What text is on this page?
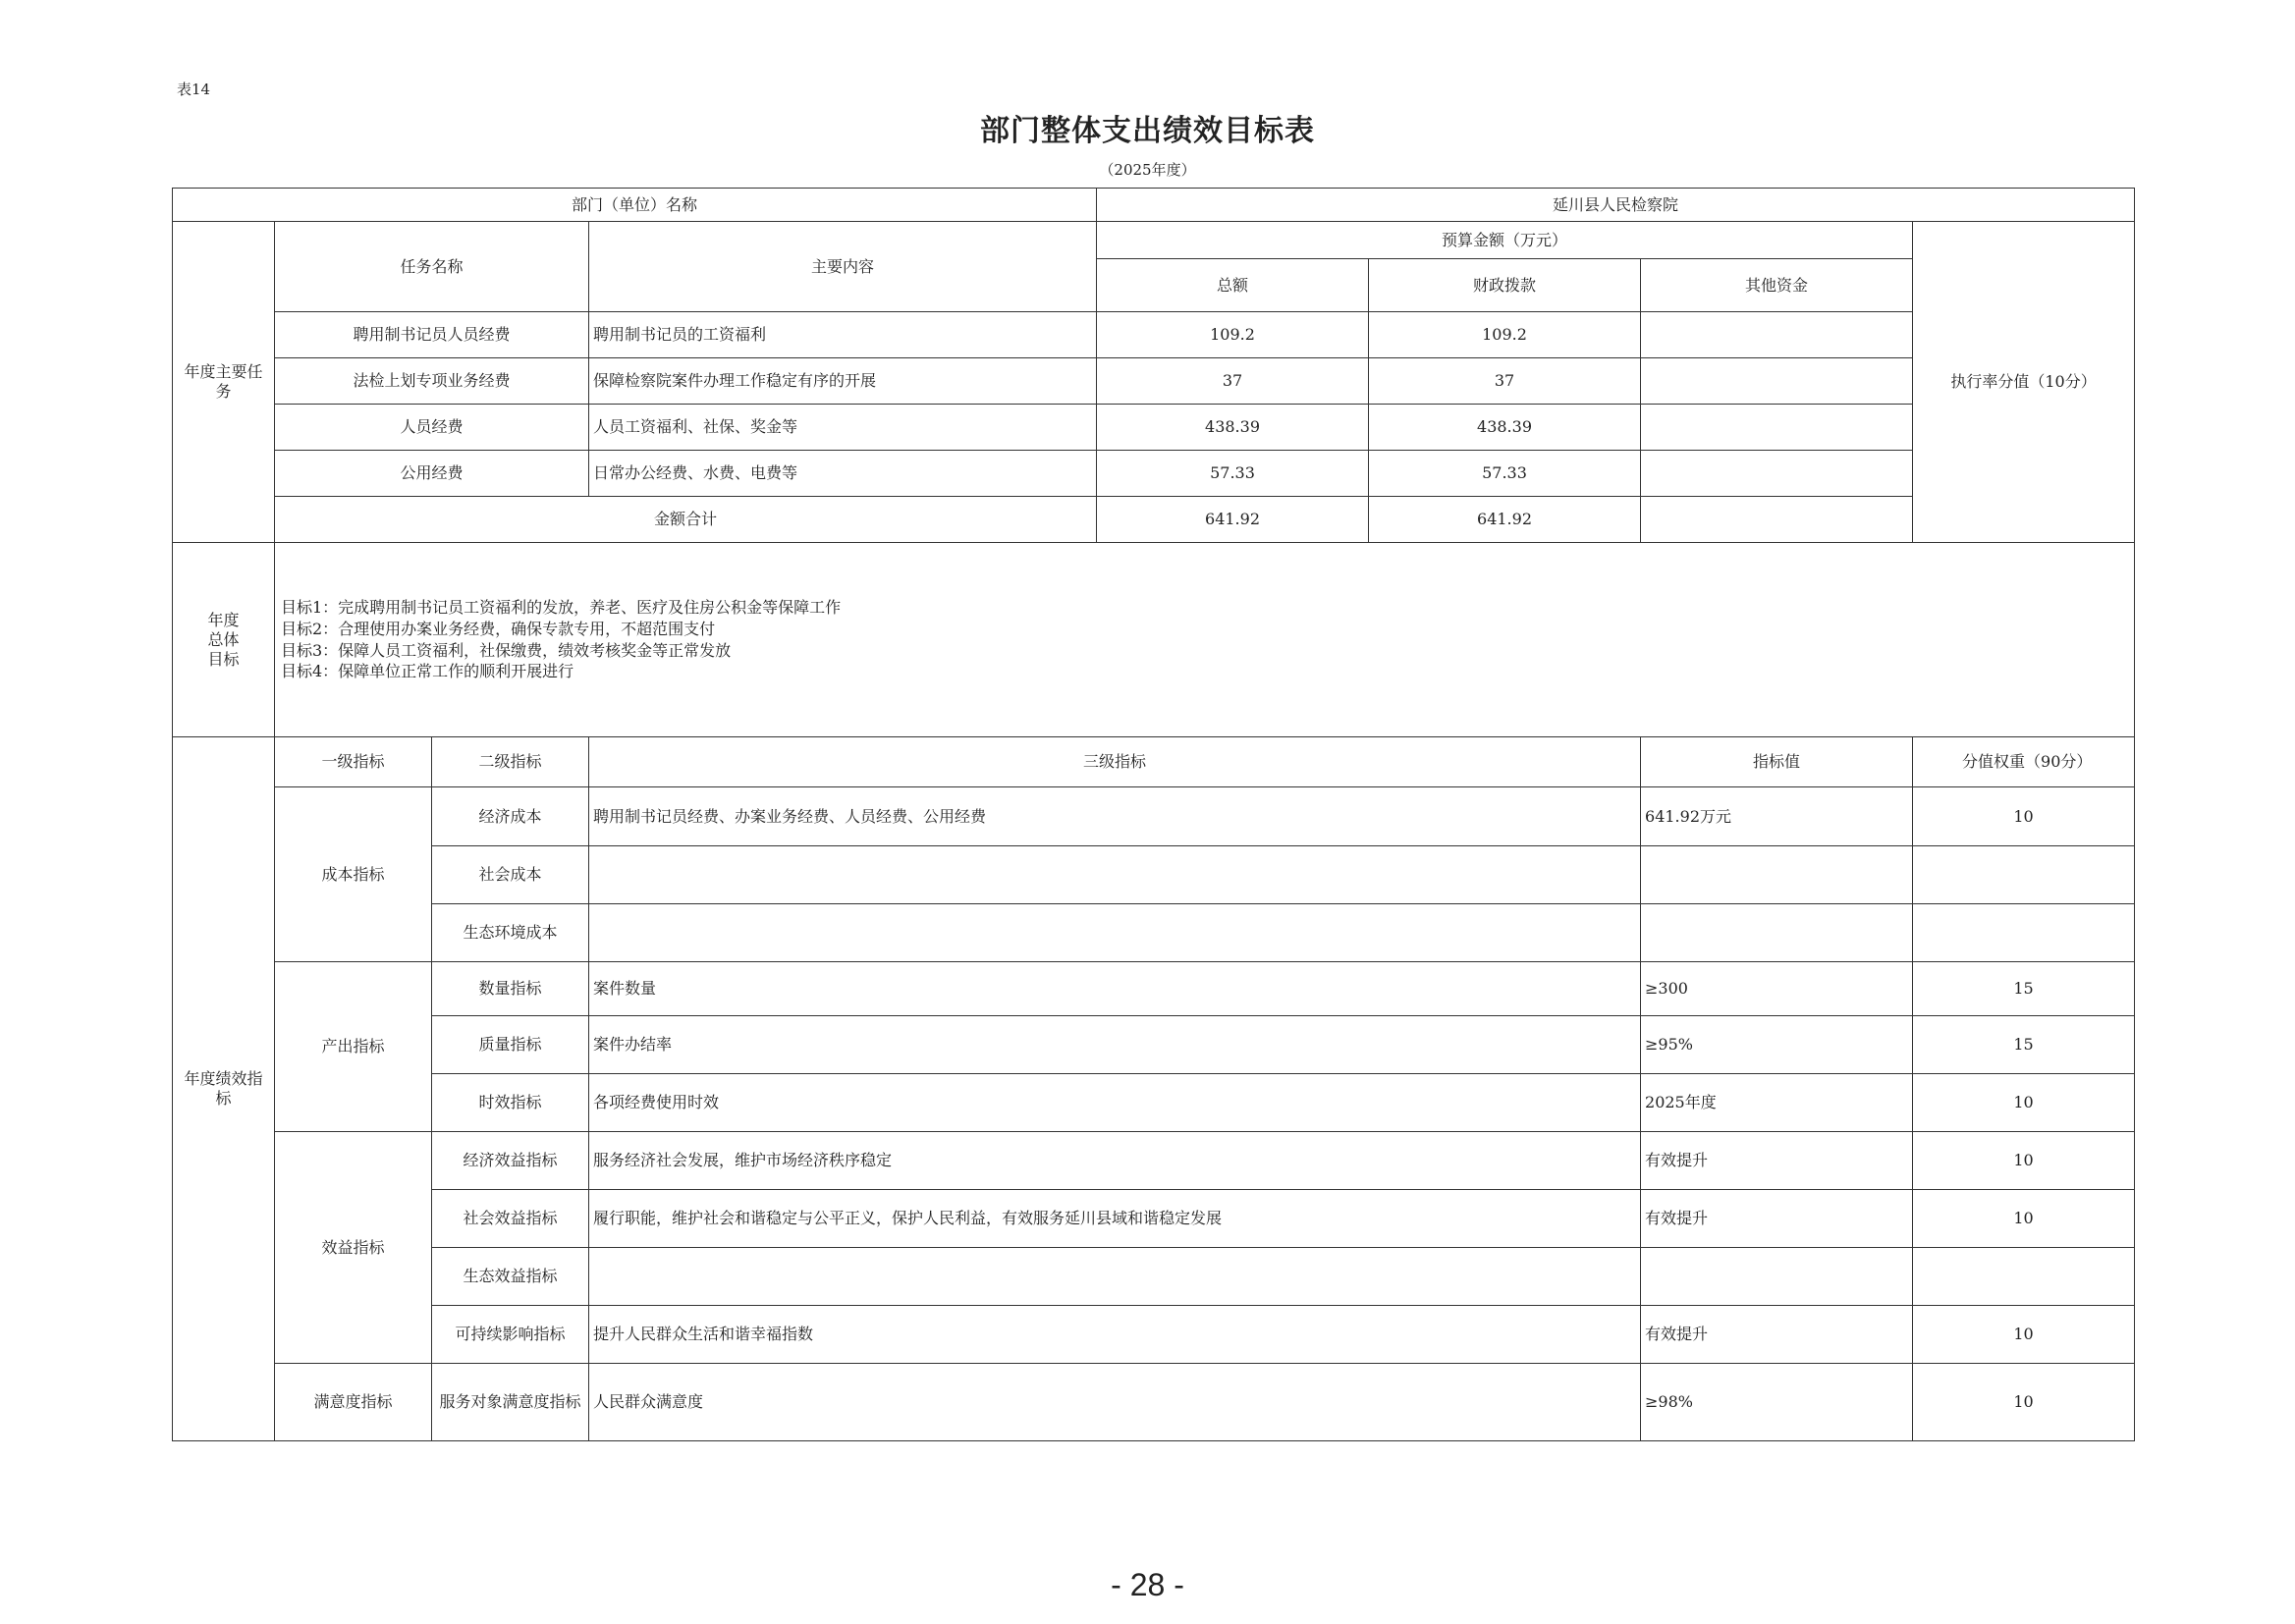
表14
部门整体支出绩效目标表
（2025年度）
部门（单位）名称				延川县人民检察院			
年度主要任务	任务名称		主要内容	预算金额（万元）			执行率分值（10分）
				总额	财政拨款	其他资金	
	聘用制书记员人员经费		聘用制书记员的工资福利	109.2	109.2		
	法检上划专项业务经费		保障检察院案件办理工作稳定有序的开展	37	37		
	人员经费		人员工资福利、社保、奖金等	438.39	438.39		
	公用经费		日常办公经费、水费、电费等	57.33	57.33		
	金额合计			641.92	641.92		

年度总体目标	目标1：完成聘用制书记员工资福利的发放，养老、医疗及住房公积金等保障工作
目标2：合理使用办案业务经费，确保专款专用，不超范围支付
目标3：保障人员工资福利，社保缴费，绩效考核奖金等正常发放
目标4：保障单位正常工作的顺利开展进行						

年度绩效指标	一级指标	二级指标	三级指标			指标值	分值权重（90分）
	成本指标	经济成本	聘用制书记员经费、办案业务经费、人员经费、公用经费			641.92万元	10
		社会成本					
		生态环境成本					
	产出指标	数量指标	案件数量			≥300	15
		质量指标	案件办结率			≥95%	15
		时效指标	各项经费使用时效			2025年度	10
	效益指标	经济效益指标	服务经济社会发展，维护市场经济秩序稳定			有效提升	10
		社会效益指标	履行职能，维护社会和谐稳定与公平正义，保护人民利益，有效服务延川县域和谐稳定发展			有效提升	10
		生态效益指标					
		可持续影响指标	提升人民群众生活和谐幸福指数			有效提升	10
	满意度指标	服务对象满意度指标	人民群众满意度			≥98%	10
- 28 -
